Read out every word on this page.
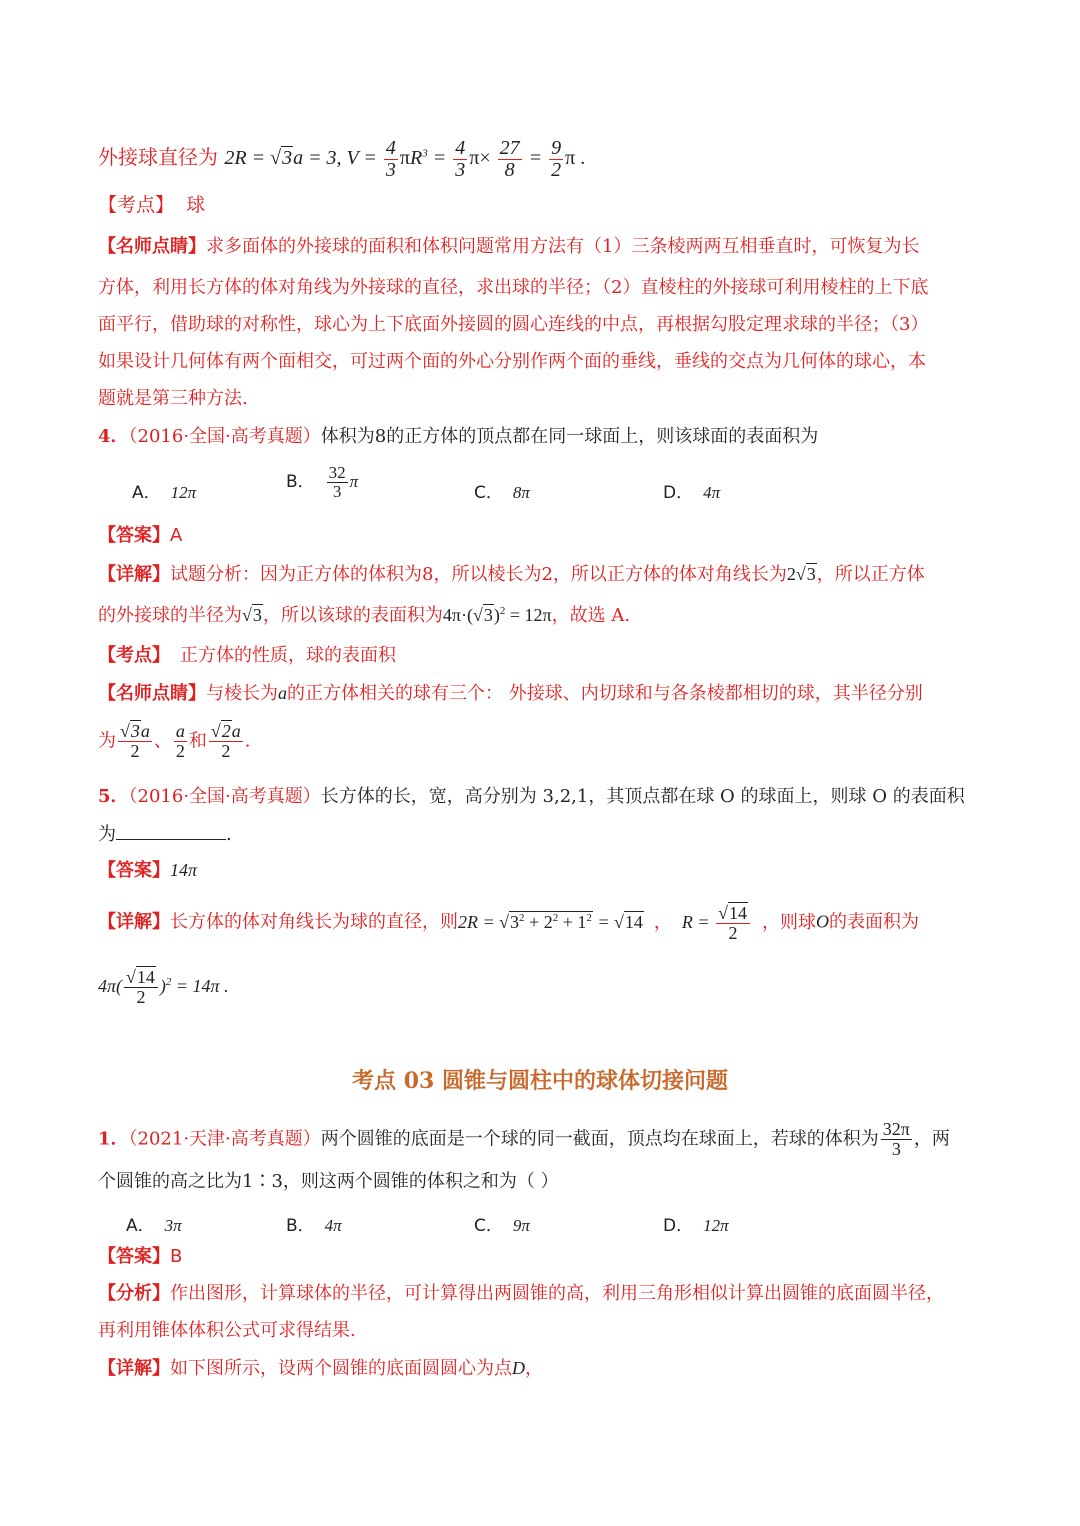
外接球直径为 2R = √3a = 3, $V = \frac{4}{3} \pi R^3 = \frac{4}{3} \pi\times \frac{27}{8} = \frac{9}{2}$ π .
【考点】 球
【名师点睛】求多面体的外接球的面积和体积问题常用方法有（1）三条棱两两互相垂直时，可恢复为长
方体，利用长方体的体对角线为外接球的直径，求出球的半径；（2）直棱柱的外接球可利用棱柱的上下底
面平行，借助球的对称性，球心为上下底面外接圆的圆心连线的中点，再根据勾股定理求球的半径；（3）
如果设计几何体有两个面相交，可过两个面的外心分别作两个面的垂线，垂线的交点为几何体的球心，本
题就是第三种方法.
4．（2016·全国·高考真题）体积为8的正方体的顶点都在同一球面上，则该球面的表面积为
A． 12π
B． $\frac{32}{3}$ π
C． 8π	D． 4π
【答案】A
【详解】试题分析：因为正方体的体积为8，所以棱长为2，所以正方体的体对角线长为2√3，所以正方体
的外接球的半径为√3，所以该球的表面积为$4\pi\cdot(√3)^2 = 12\pi$，故选 A.
【考点】 正方体的性质，球的表面积
【名师点睛】与棱长为a的正方体相关的球有三个： 外接球、内切球和与各条棱都相切的球，其半径分别
为 $\frac{√3a}{2}$ 、 $\frac{a}{2}$ 和 $\frac{√2a}{2}$ .
5．（2016·全国·高考真题）长方体的长，宽，高分别为 3,2,1，其顶点都在球 O 的球面上，则球 O 的表面积
为	.
【答案】14π
【详解】长方体的体对角线长为球的直径，则$2R = √3^2 + 2^2 + 1^2 = √14$ ， $R = \frac{√14}{2}$ ，则球O的表面积为
$4\pi( \frac{√14}{2} )^2 = 14\pi$ .
考点 03 圆锥与圆柱中的球体切接问题
1．（2021·天津·高考真题）两个圆锥的底面是一个球的同一截面，顶点均在球面上，若球的体积为 $\frac{32\pi}{3}$ ，两
个圆锥的高之比为1∶3，则这两个圆锥的体积之和为（ ）
A． 3π	B． 4π	C． 9π	D． 12π
【答案】B
【分析】作出图形，计算球体的半径，可计算得出两圆锥的高，利用三角形相似计算出圆锥的底面圆半径，
再利用锥体体积公式可求得结果.
【详解】如下图所示，设两个圆锥的底面圆圆心为点D，
